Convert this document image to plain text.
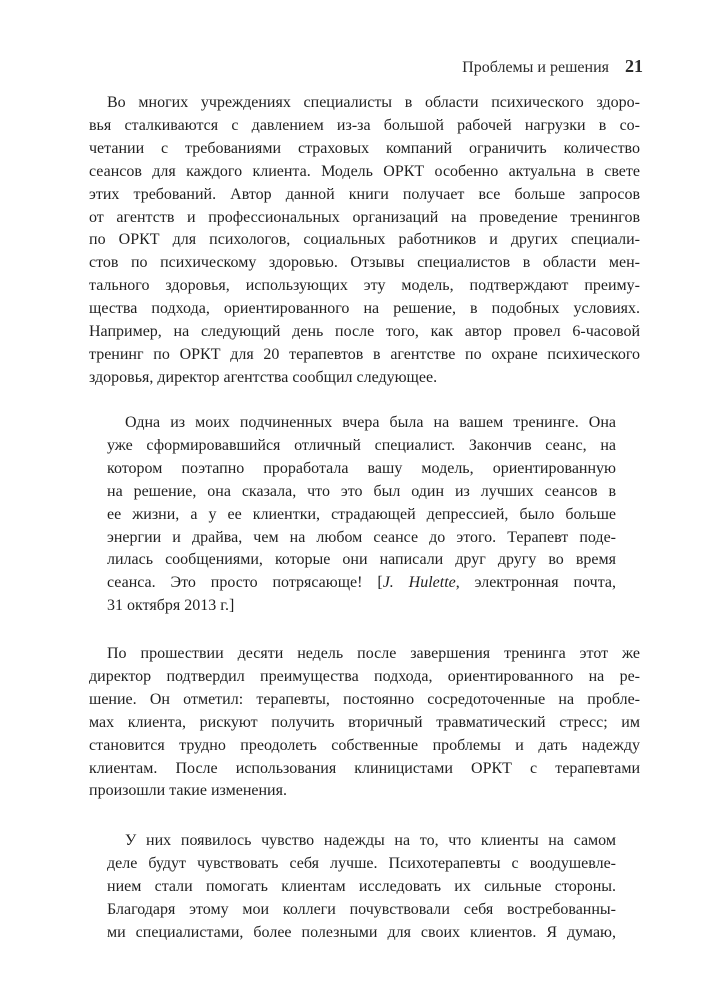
Проблемы и решения 21
Во многих учреждениях специалисты в области психического здоро-
вья сталкиваются с давлением из-за большой рабочей нагрузки в со-
четании с требованиями страховых компаний ограничить количество
сеансов для каждого клиента. Модель ОРКТ особенно актуальна в свете
этих требований. Автор данной книги получает все больше запросов
от агентств и профессиональных организаций на проведение тренингов
по ОРКТ для психологов, социальных работников и других специали-
стов по психическому здоровью. Отзывы специалистов в области мен-
тального здоровья, использующих эту модель, подтверждают преиму-
щества подхода, ориентированного на решение, в подобных условиях.
Например, на следующий день после того, как автор провел 6-часовой
тренинг по ОРКТ для 20 терапевтов в агентстве по охране психического
здоровья, директор агентства сообщил следующее.
Одна из моих подчиненных вчера была на вашем тренинге. Она
уже сформировавшийся отличный специалист. Закончив сеанс, на
котором поэтапно проработала вашу модель, ориентированную
на решение, она сказала, что это был один из лучших сеансов в
ее жизни, а у ее клиентки, страдающей депрессией, было больше
энергии и драйва, чем на любом сеансе до этого. Терапевт поде-
лилась сообщениями, которые они написали друг другу во время
сеанса. Это просто потрясающе! [J. Hulette, электронная почта,
31 октября 2013 г.]
По прошествии десяти недель после завершения тренинга этот же
директор подтвердил преимущества подхода, ориентированного на ре-
шение. Он отметил: терапевты, постоянно сосредоточенные на пробле-
мах клиента, рискуют получить вторичный травматический стресс; им
становится трудно преодолеть собственные проблемы и дать надежду
клиентам. После использования клиницистами ОРКТ с терапевтами
произошли такие изменения.
У них появилось чувство надежды на то, что клиенты на самом
деле будут чувствовать себя лучше. Психотерапевты с воодушевле-
нием стали помогать клиентам исследовать их сильные стороны.
Благодаря этому мои коллеги почувствовали себя востребованны-
ми специалистами, более полезными для своих клиентов. Я думаю,
